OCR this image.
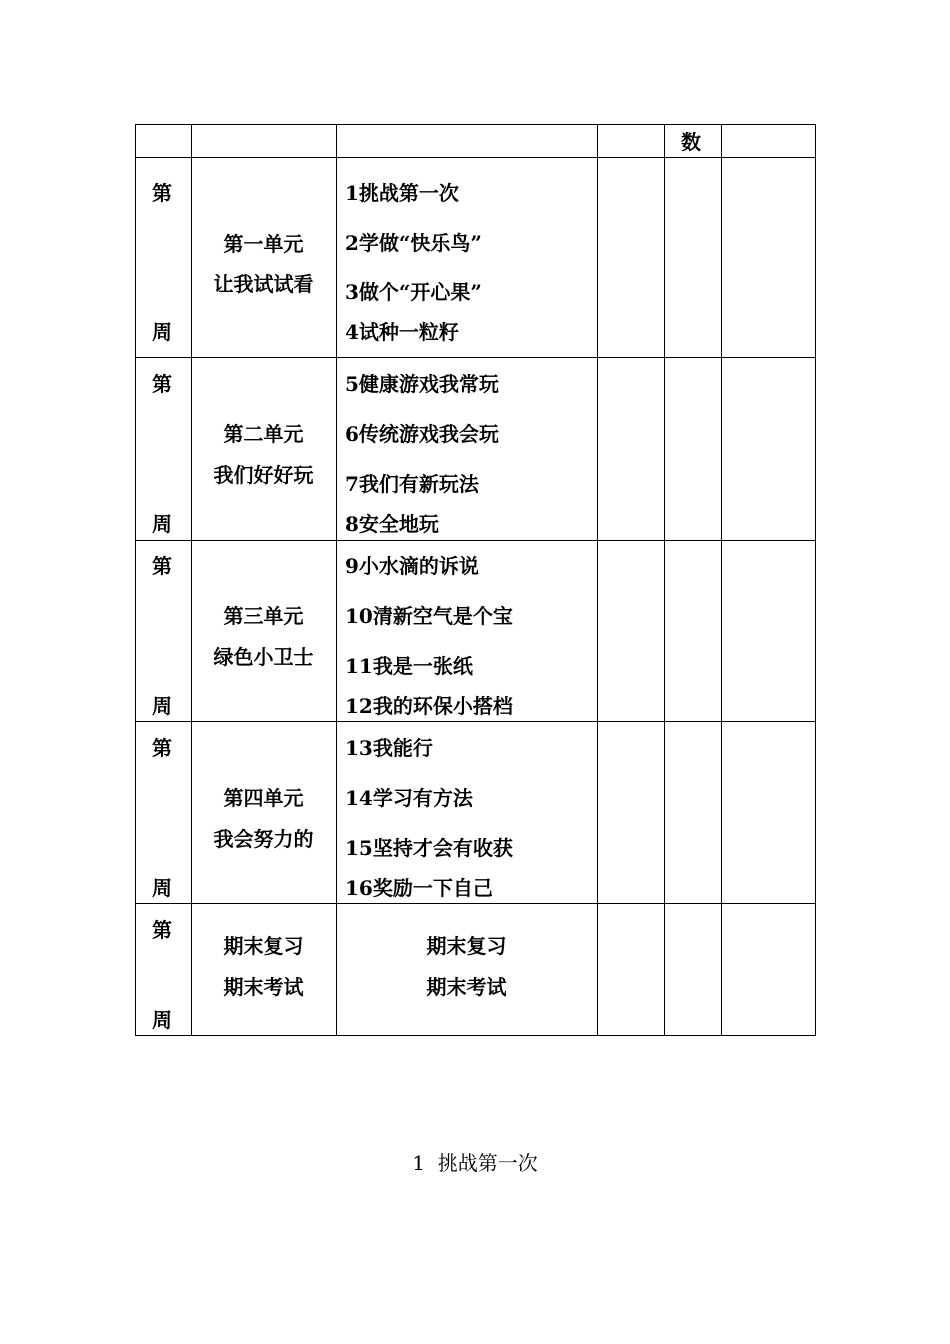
数
第
周
第一单元
让我试试看
1挑战第一次
2学做“快乐鸟”
3做个“开心果”
4试种一粒籽
第
周
第二单元
我们好好玩
5健康游戏我常玩
6传统游戏我会玩
7我们有新玩法
8安全地玩
第
周
第三单元
绿色小卫士
9小水滴的诉说
10清新空气是个宝
11我是一张纸
12我的环保小搭档
第
周
第四单元
我会努力的
13我能行
14学习有方法
15坚持才会有收获
16奖励一下自己
第
周
期末复习
期末考试
期末复习
期末考试
1  挑战第一次
